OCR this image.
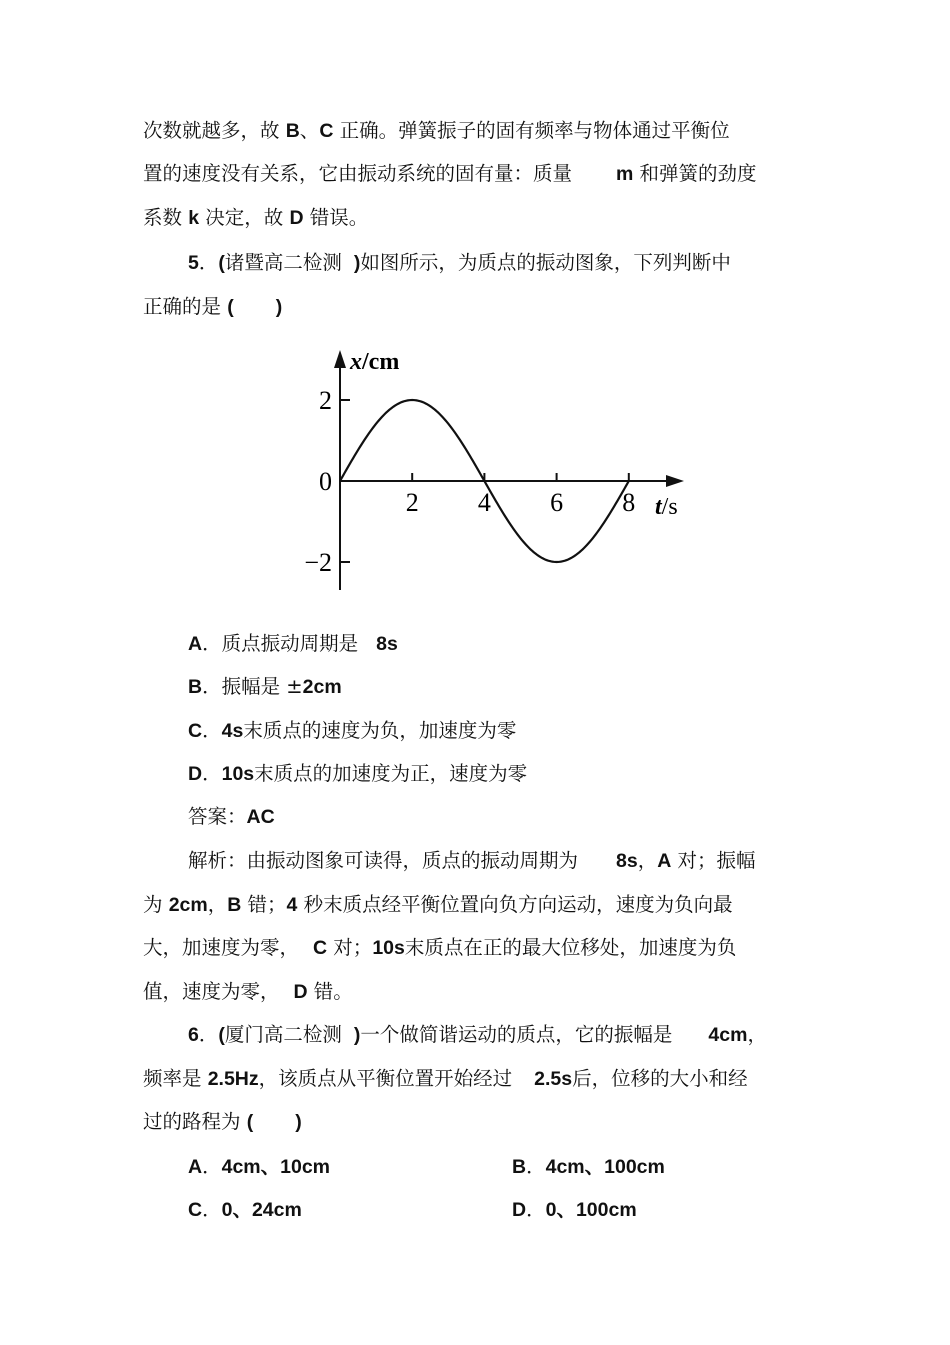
次数就越多，故 B、C 正确。弹簧振子的固有频率与物体通过平衡位
置的速度没有关系，它由振动系统的固有量：质量 m 和弹簧的劲度
系数 k 决定，故 D 错误。
5．(诸暨高二检测 )如图所示，为质点的振动图象，下列判断中
正确的是 ( )
2 4 6 8
2
0
−2
x/cm
t/s
A．质点振动周期是 8s
B．振幅是 ±2cm
C．4s末质点的速度为负，加速度为零
D．10s末质点的加速度为正，速度为零
答案：AC
解析：由振动图象可读得，质点的振动周期为 8s，A 对；振幅
为 2cm，B 错；4 秒末质点经平衡位置向负方向运动，速度为负向最
大，加速度为零， C 对；10s末质点在正的最大位移处，加速度为负
值，速度为零， D 错。
6．(厦门高二检测 )一个做简谐运动的质点，它的振幅是 4cm，
频率是 2.5Hz，该质点从平衡位置开始经过 2.5s后，位移的大小和经
过的路程为 ( )
A．4cm、10cm	B．4cm、100cm
C．0、24cm	D．0、100cm
